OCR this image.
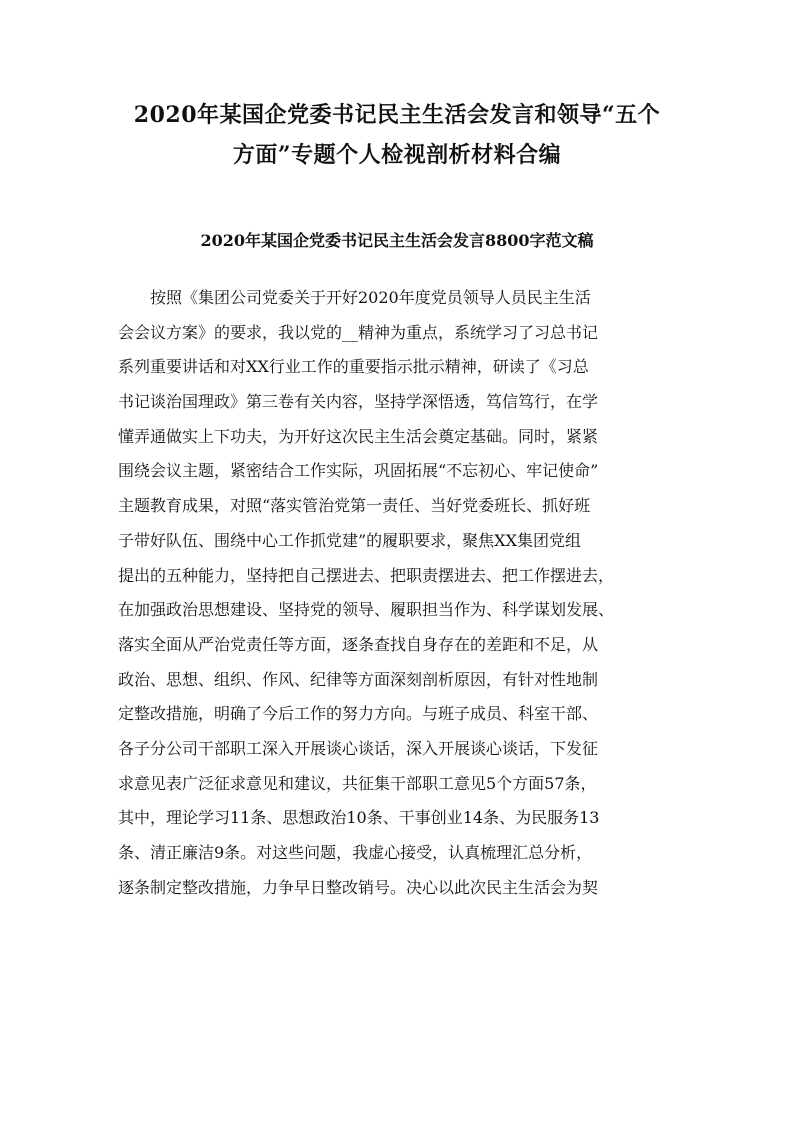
2020年某国企党委书记民主生活会发言和领导“五个
方面”专题个人检视剖析材料合编
2020年某国企党委书记民主生活会发言8800字范文稿
按照《集团公司党委关于开好2020年度党员领导人员民主生活
会会议方案》的要求，我以党的__精神为重点，系统学习了习总书记
系列重要讲话和对XX行业工作的重要指示批示精神，研读了《习总
书记谈治国理政》第三卷有关内容，坚持学深悟透，笃信笃行，在学
懂弄通做实上下功夫，为开好这次民主生活会奠定基础。同时，紧紧
围绕会议主题，紧密结合工作实际，巩固拓展“不忘初心、牢记使命”
主题教育成果，对照“落实管治党第一责任、当好党委班长、抓好班
子带好队伍、围绕中心工作抓党建”的履职要求，聚焦XX集团党组
提出的五种能力，坚持把自己摆进去、把职责摆进去、把工作摆进去，
在加强政治思想建设、坚持党的领导、履职担当作为、科学谋划发展、
落实全面从严治党责任等方面，逐条查找自身存在的差距和不足，从
政治、思想、组织、作风、纪律等方面深刻剖析原因，有针对性地制
定整改措施，明确了今后工作的努力方向。与班子成员、科室干部、
各子分公司干部职工深入开展谈心谈话，深入开展谈心谈话，下发征
求意见表广泛征求意见和建议，共征集干部职工意见5个方面57条，
其中，理论学习11条、思想政治10条、干事创业14条、为民服务13
条、清正廉洁9条。对这些问题，我虚心接受，认真梳理汇总分析，
逐条制定整改措施，力争早日整改销号。决心以此次民主生活会为契
